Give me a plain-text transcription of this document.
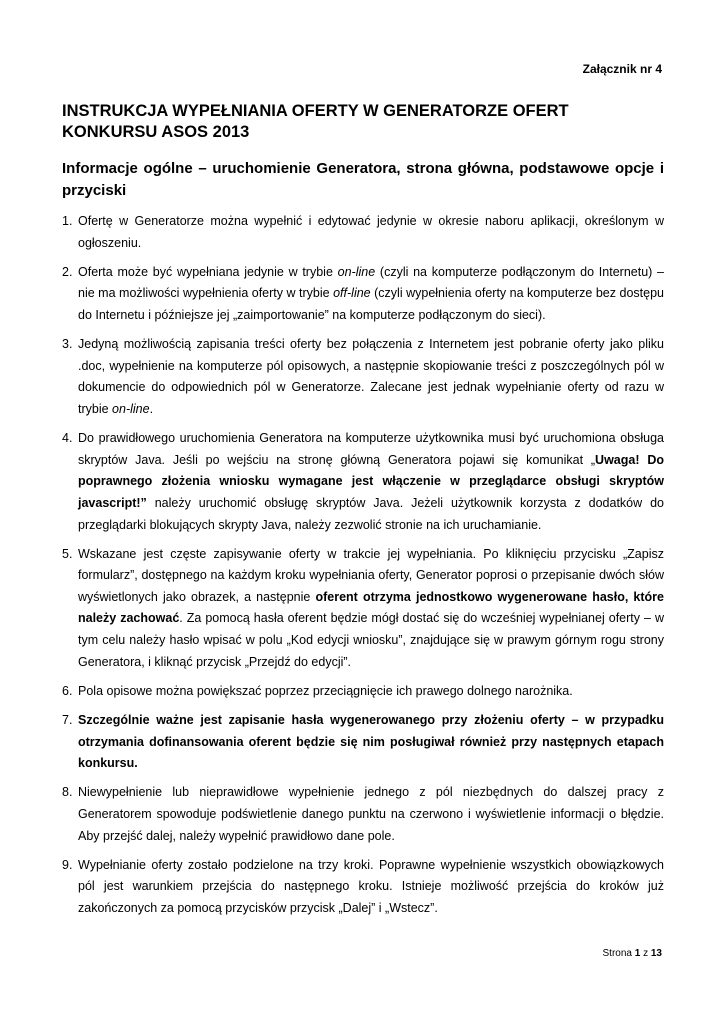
Załącznik nr 4
INSTRUKCJA WYPEŁNIANIA OFERTY W GENERATORZE OFERT KONKURSU ASOS 2013
Informacje ogólne – uruchomienie Generatora, strona główna, podstawowe opcje i przyciski
1. Ofertę w Generatorze można wypełnić i edytować jedynie w okresie naboru aplikacji, określonym w ogłoszeniu.
2. Oferta może być wypełniana jedynie w trybie on-line (czyli na komputerze podłączonym do Internetu) – nie ma możliwości wypełnienia oferty w trybie off-line (czyli wypełnienia oferty na komputerze bez dostępu do Internetu i późniejsze jej „zaimportowanie” na komputerze podłączonym do sieci).
3. Jedyną możliwością zapisania treści oferty bez połączenia z Internetem jest pobranie oferty jako pliku .doc, wypełnienie na komputerze pól opisowych, a następnie skopiowanie treści z poszczególnych pól w dokumencie do odpowiednich pól w Generatorze. Zalecane jest jednak wypełnianie oferty od razu w trybie on-line.
4. Do prawidłowego uruchomienia Generatora na komputerze użytkownika musi być uruchomiona obsługa skryptów Java. Jeśli po wejściu na stronę główną Generatora pojawi się komunikat „Uwaga! Do poprawnego złożenia wniosku wymagane jest włączenie w przeglądarce obsługi skryptów javascript!” należy uruchomić obsługę skryptów Java. Jeżeli użytkownik korzysta z dodatków do przeglądarki blokujących skrypty Java, należy zezwolić stronie na ich uruchamianie.
5. Wskazane jest częste zapisywanie oferty w trakcie jej wypełniania. Po kliknięciu przycisku „Zapisz formularz”, dostępnego na każdym kroku wypełniania oferty, Generator poprosi o przepisanie dwóch słów wyświetlonych jako obrazek, a następnie oferent otrzyma jednostkowo wygenerowane hasło, które należy zachować. Za pomocą hasła oferent będzie mógł dostać się do wcześniej wypełnianej oferty – w tym celu należy hasło wpisać w polu „Kod edycji wniosku”, znajdujące się w prawym górnym rogu strony Generatora, i kliknąć przycisk „Przejdź do edycji”.
6. Pola opisowe można powiększać poprzez przeciągnięcie ich prawego dolnego narożnika.
7. Szczególnie ważne jest zapisanie hasła wygenerowanego przy złożeniu oferty – w przypadku otrzymania dofinansowania oferent będzie się nim posługiwał również przy następnych etapach konkursu.
8. Niewypełnienie lub nieprawidłowe wypełnienie jednego z pól niezbędnych do dalszej pracy z Generatorem spowoduje podświetlenie danego punktu na czerwono i wyświetlenie informacji o błędzie. Aby przejść dalej, należy wypełnić prawidłowo dane pole.
9. Wypełnianie oferty zostało podzielone na trzy kroki. Poprawne wypełnienie wszystkich obowiązkowych pól jest warunkiem przejścia do następnego kroku. Istnieje możliwość przejścia do kroków już zakończonych za pomocą przycisków przycisk „Dalej” i „Wstecz”.
Strona 1 z 13
